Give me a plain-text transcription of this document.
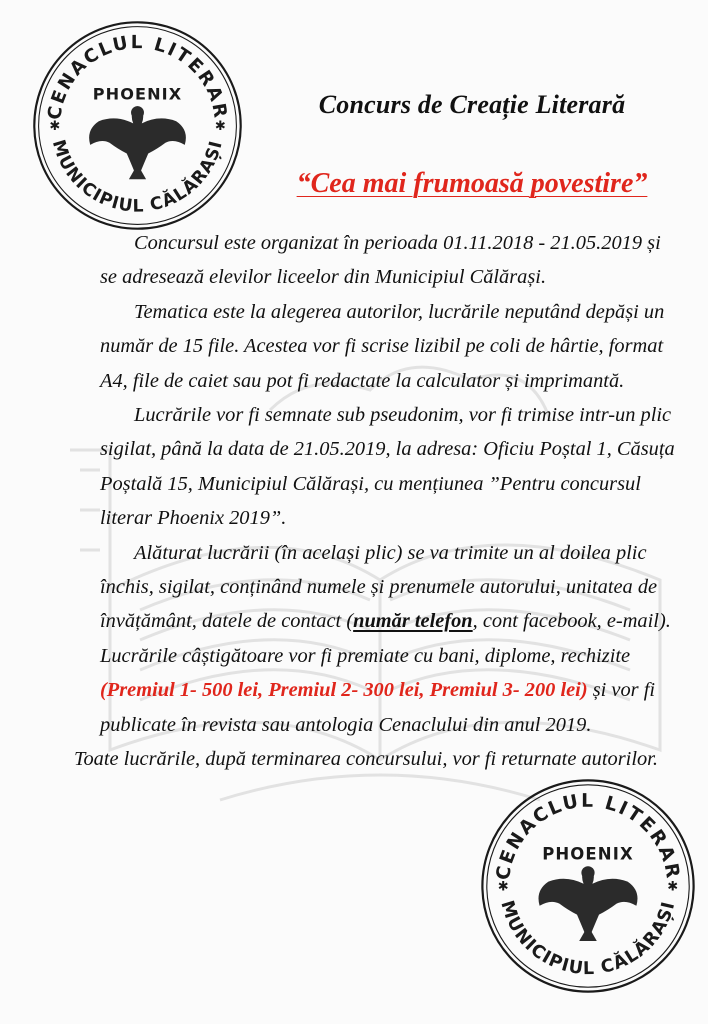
CENACLUL LITERAR
MUNICIPIUL CĂLĂRAȘI
PHOENIX
✱	✱
Concurs de Creație Literară
“Cea mai frumoasă povestire”
Concursul este organizat în perioada 01.11.2018 - 21.05.2019 și
se adresează elevilor liceelor din Municipiul Călărași.
Tematica este la alegerea autorilor, lucrările neputând depăși un
număr de 15 file. Acestea vor fi scrise lizibil pe coli de hârtie, format
A4, file de caiet sau pot fi redactate la calculator și imprimantă.
Lucrările vor fi semnate sub pseudonim, vor fi trimise intr-un plic
sigilat, până la data de 21.05.2019, la adresa: Oficiu Poștal 1, Căsuța
Poștală 15, Municipiul Călărași, cu mențiunea ”Pentru concursul
literar Phoenix 2019”.
Alăturat lucrării (în același plic) se va trimite un al doilea plic
închis, sigilat, conținând numele și prenumele autorului, unitatea de
învățământ, datele de contact (număr telefon, cont facebook, e-mail).
Lucrările câștigătoare vor fi premiate cu bani, diplome, rechizite
(Premiul 1- 500 lei, Premiul 2- 300 lei, Premiul 3- 200 lei) și vor fi
publicate în revista sau antologia Cenaclului din anul 2019.
Toate lucrările, după terminarea concursului, vor fi returnate autorilor.
CENACLUL LITERAR
MUNICIPIUL CĂLĂRAȘI
PHOENIX
✱	✱
